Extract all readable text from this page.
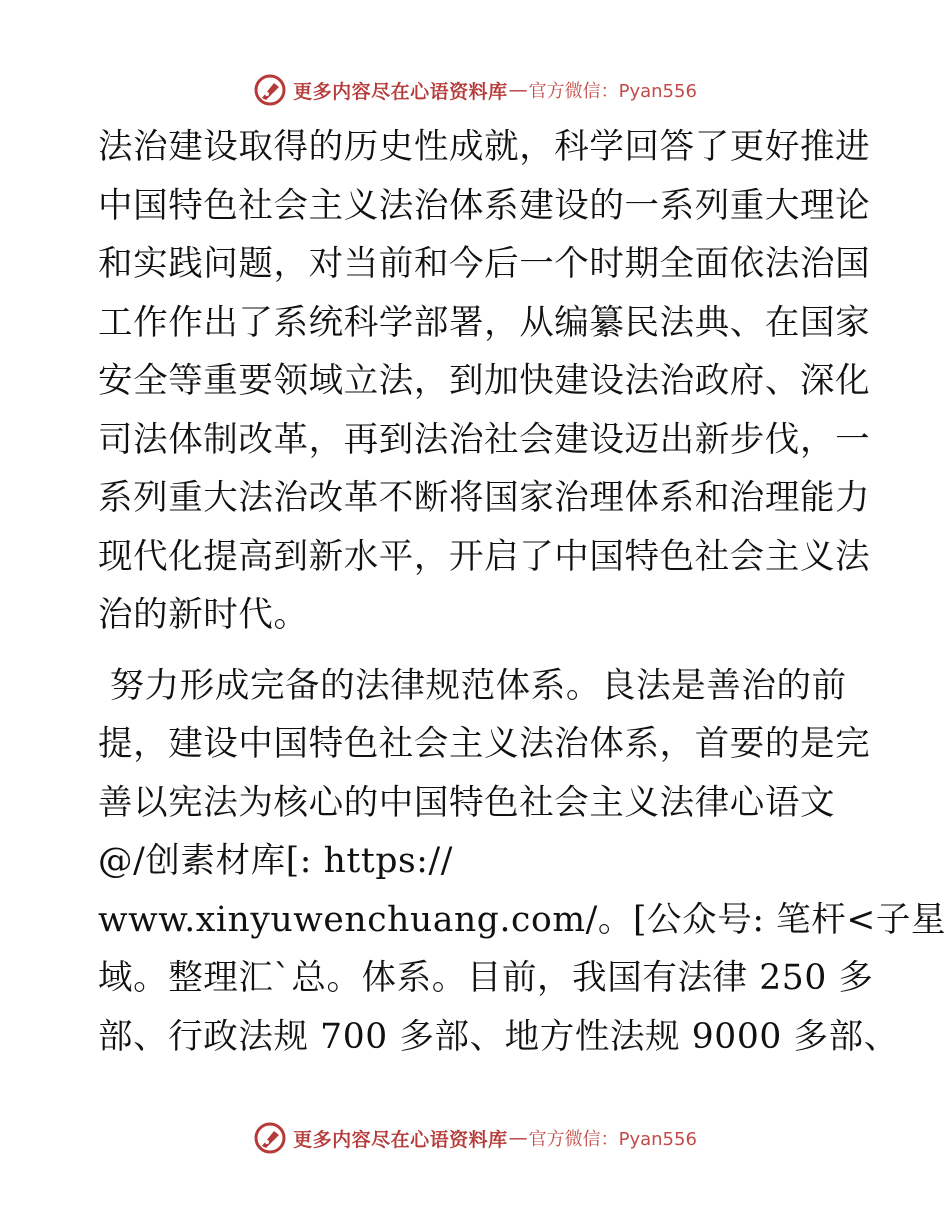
更多内容尽在心语资料库 — 官方微信：Pyan556

法治建设取得的历史性成就，科学回答了更好推进
中国特色社会主义法治体系建设的一系列重大理论
和实践问题，对当前和今后一个时期全面依法治国
工作作出了系统科学部署，从编纂民法典、在国家
安全等重要领域立法，到加快建设法治政府、深化
司法体制改革，再到法治社会建设迈出新步伐，一
系列重大法治改革不断将国家治理体系和治理能力
现代化提高到新水平，开启了中国特色社会主义法
治的新时代。

努力形成完备的法律规范体系。良法是善治的前
提，建设中国特色社会主义法治体系，首要的是完
善以宪法为核心的中国特色社会主义法律心语文
@/创素材库[: https://
www.xinyuwenchuang.com/。[公众号: 笔杆<子星
域。整理汇ˋ总。体系。目前，我国有法律 250 多
部、行政法规 700 多部、地方性法规 9000 多部、

更多内容尽在心语资料库 — 官方微信：Pyan556
